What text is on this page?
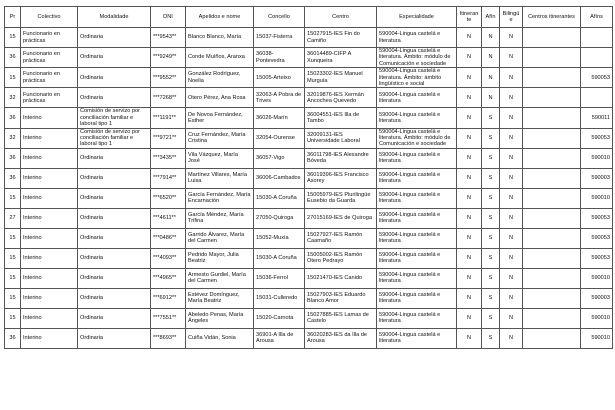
Pr	Colectivo	Modalidade	DNI	Apelidos e nome	Concello	Centro	Especialidade	Itinerante	Afín	Bilingüe	Centros itinerantes	Afíns
15	Funcionario en prácticas	Ordinaria	***9543**	Blanco Blanco, María	15037-Fisterra	15027915-IES Fin do Camiño	590004-Lingua castelá e literatura	N	N	N		
36	Funcionario en prácticas	Ordinaria	***9249**	Conde Muíños, Aranxa	36038-Pontevedra	36014489-CIFP A Xunqueira	590004-Lingua castelá e literatura. Ámbito: módulo de Comunicación e sociedade	N	N	N		
15	Funcionario en prácticas	Ordinaria	***9552**	González Rodríguez, Noelia	15005-Arteixo	15023302-IES Manuel Murguía	590004-Lingua castelá e literatura. Ámbito: ámbito lingüístico e social	N	N	N		590053
32	Funcionario en prácticas	Ordinaria	***7268**	Otero Pérez, Ana Rosa	32063-A Pobra de Trives	32019876-IES Xermán Ancochea Quevedo	590004-Lingua castelá e literatura	N	N	N		
36	Interino	Comisión de servizo por conciliación familiar e laboral tipo 1	***1191**	De Novoa Fernández, Esther	36026-Marín	36004551-IES Illa de Tambo	590004-Lingua castelá e literatura	N	S	N		590011
32	Interino	Comisión de servizo por conciliación familiar e laboral tipo 1	***9721**	Cruz Fernández, María Cristina	32054-Ourense	32009131-IES Universidade Laboral	590004-Lingua castelá e literatura. Ámbito: módulo de Comunicación e sociedade	N	S	N		590053
36	Interino	Ordinaria	***3435**	Vila Vázquez, María José	36057-Vigo	36011798-IES Alexandre Bóveda	590004-Lingua castelá e literatura	N	S	N		590010
36	Interino	Ordinaria	***7914**	Martínez Villares, María Luisa	36006-Cambados	36019396-IES Francisco Asorey	590004-Lingua castelá e literatura	N	S	N		590003
15	Interino	Ordinaria	***6520**	García Fernández, María Encarnación	15030-A Coruña	15005979-IES Plurilingüe Eusebio da Guarda	590004-Lingua castelá e literatura	N	S	N		590010
27	Interino	Ordinaria	***4611**	García Méndez, María Trifina	27050-Quiroga	27015169-IES de Quiroga	590004-Lingua castelá e literatura	N	S	N		590053
15	Interino	Ordinaria	***0486**	Garrido Álvarez, María del Carmen	15052-Muxía	15027927-IES Ramón Caamaño	590004-Lingua castelá e literatura	N	S	N		590053
15	Interino	Ordinaria	***4093**	Pedrido Mayor, Julia Beatriz	15030-A Coruña	15005002-IES Ramón Otero Pedrayo	590004-Lingua castelá e literatura	N	S	N		590053
15	Interino	Ordinaria	***4965**	Armesto Gurdiel, María del Carmen	15036-Ferrol	15021470-IES Canido	590004-Lingua castelá e literatura	N	S	N		590010
15	Interino	Ordinaria	***6912**	Estévez Domínguez, María Beatriz	15031-Culleredo	15027903-IES Eduardo Blanco Amor	590004-Lingua castelá e literatura	N	S	N		590003
15	Interino	Ordinaria	***7551**	Abeledo Penas, María Ángeles	15020-Carnota	15027885-IES Lamas de Castelo	590004-Lingua castelá e literatura	N	S	N		590010
36	Interino	Ordinaria	***8693**	Cuiña Vidán, Sonia	36901-A Illa de Arousa	36020283-IES da Illa de Arousa	590004-Lingua castelá e literatura	N	S	N		590010
